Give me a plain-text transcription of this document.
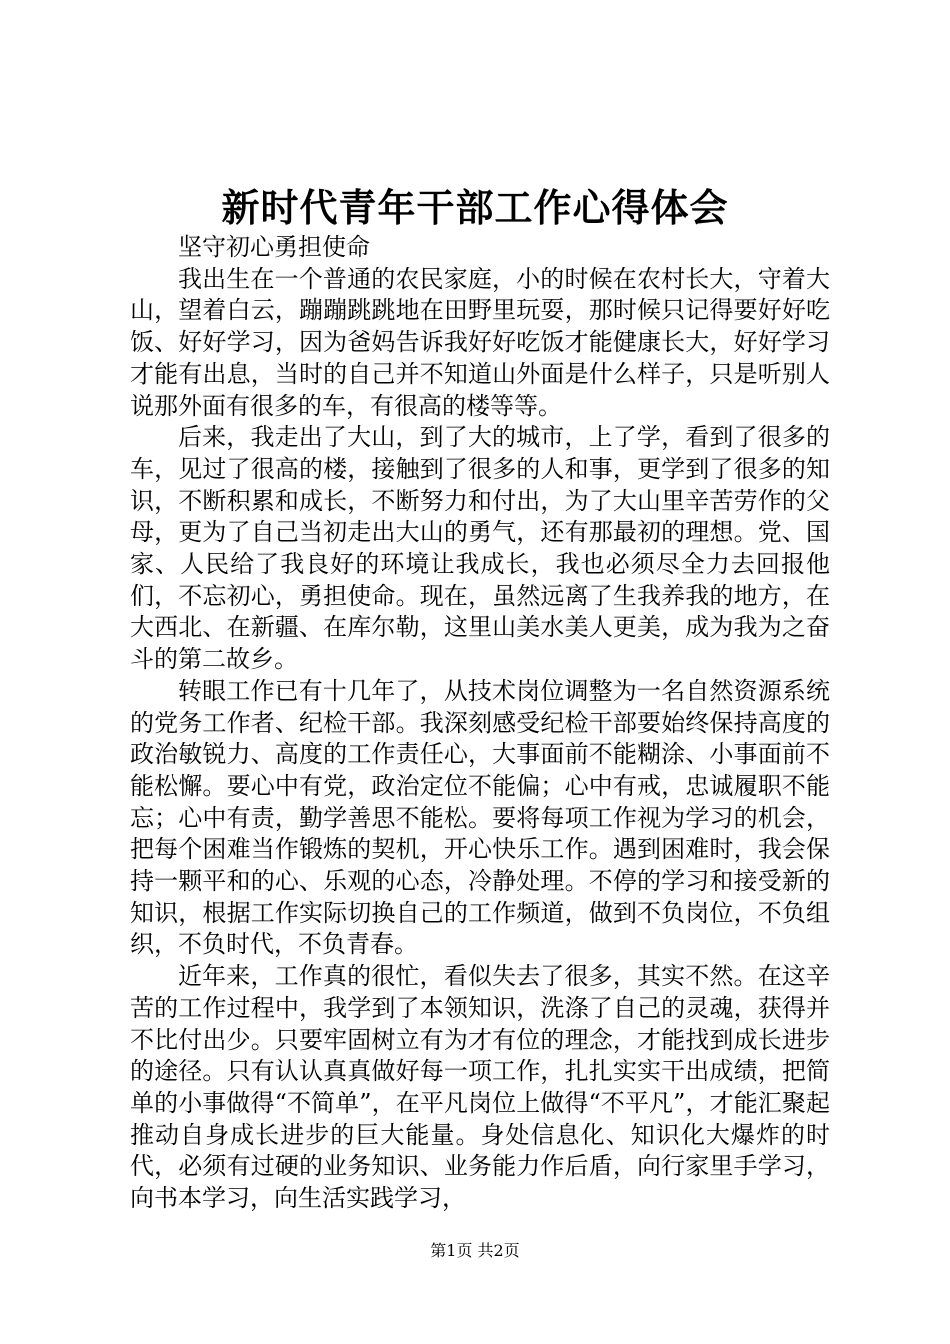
新时代青年干部工作心得体会

坚守初心勇担使命

我出生在一个普通的农民家庭，小的时候在农村长大，守着大山，望着白云，蹦蹦跳跳地在田野里玩耍，那时候只记得要好好吃饭、好好学习，因为爸妈告诉我好好吃饭才能健康长大，好好学习才能有出息，当时的自己并不知道山外面是什么样子，只是听别人说那外面有很多的车，有很高的楼等等。

后来，我走出了大山，到了大的城市，上了学，看到了很多的车，见过了很高的楼，接触到了很多的人和事，更学到了很多的知识，不断积累和成长，不断努力和付出，为了大山里辛苦劳作的父母，更为了自己当初走出大山的勇气，还有那最初的理想。党、国家、人民给了我良好的环境让我成长，我也必须尽全力去回报他们，不忘初心，勇担使命。现在，虽然远离了生我养我的地方，在大西北、在新疆、在库尔勒，这里山美水美人更美，成为我为之奋斗的第二故乡。

转眼工作已有十几年了，从技术岗位调整为一名自然资源系统的党务工作者、纪检干部。我深刻感受纪检干部要始终保持高度的政治敏锐力、高度的工作责任心，大事面前不能糊涂、小事面前不能松懈。要心中有党，政治定位不能偏；心中有戒，忠诚履职不能忘；心中有责，勤学善思不能松。要将每项工作视为学习的机会，把每个困难当作锻炼的契机，开心快乐工作。遇到困难时，我会保持一颗平和的心、乐观的心态，冷静处理。不停的学习和接受新的知识，根据工作实际切换自己的工作频道，做到不负岗位，不负组织，不负时代，不负青春。

近年来，工作真的很忙，看似失去了很多，其实不然。在这辛苦的工作过程中，我学到了本领知识，洗涤了自己的灵魂，获得并不比付出少。只要牢固树立有为才有位的理念，才能找到成长进步的途径。只有认认真真做好每一项工作，扎扎实实干出成绩，把简单的小事做得“不简单”，在平凡岗位上做得“不平凡”，才能汇聚起推动自身成长进步的巨大能量。身处信息化、知识化大爆炸的时代，必须有过硬的业务知识、业务能力作后盾，向行家里手学习，向书本学习，向生活实践学习，

第1页 共2页
